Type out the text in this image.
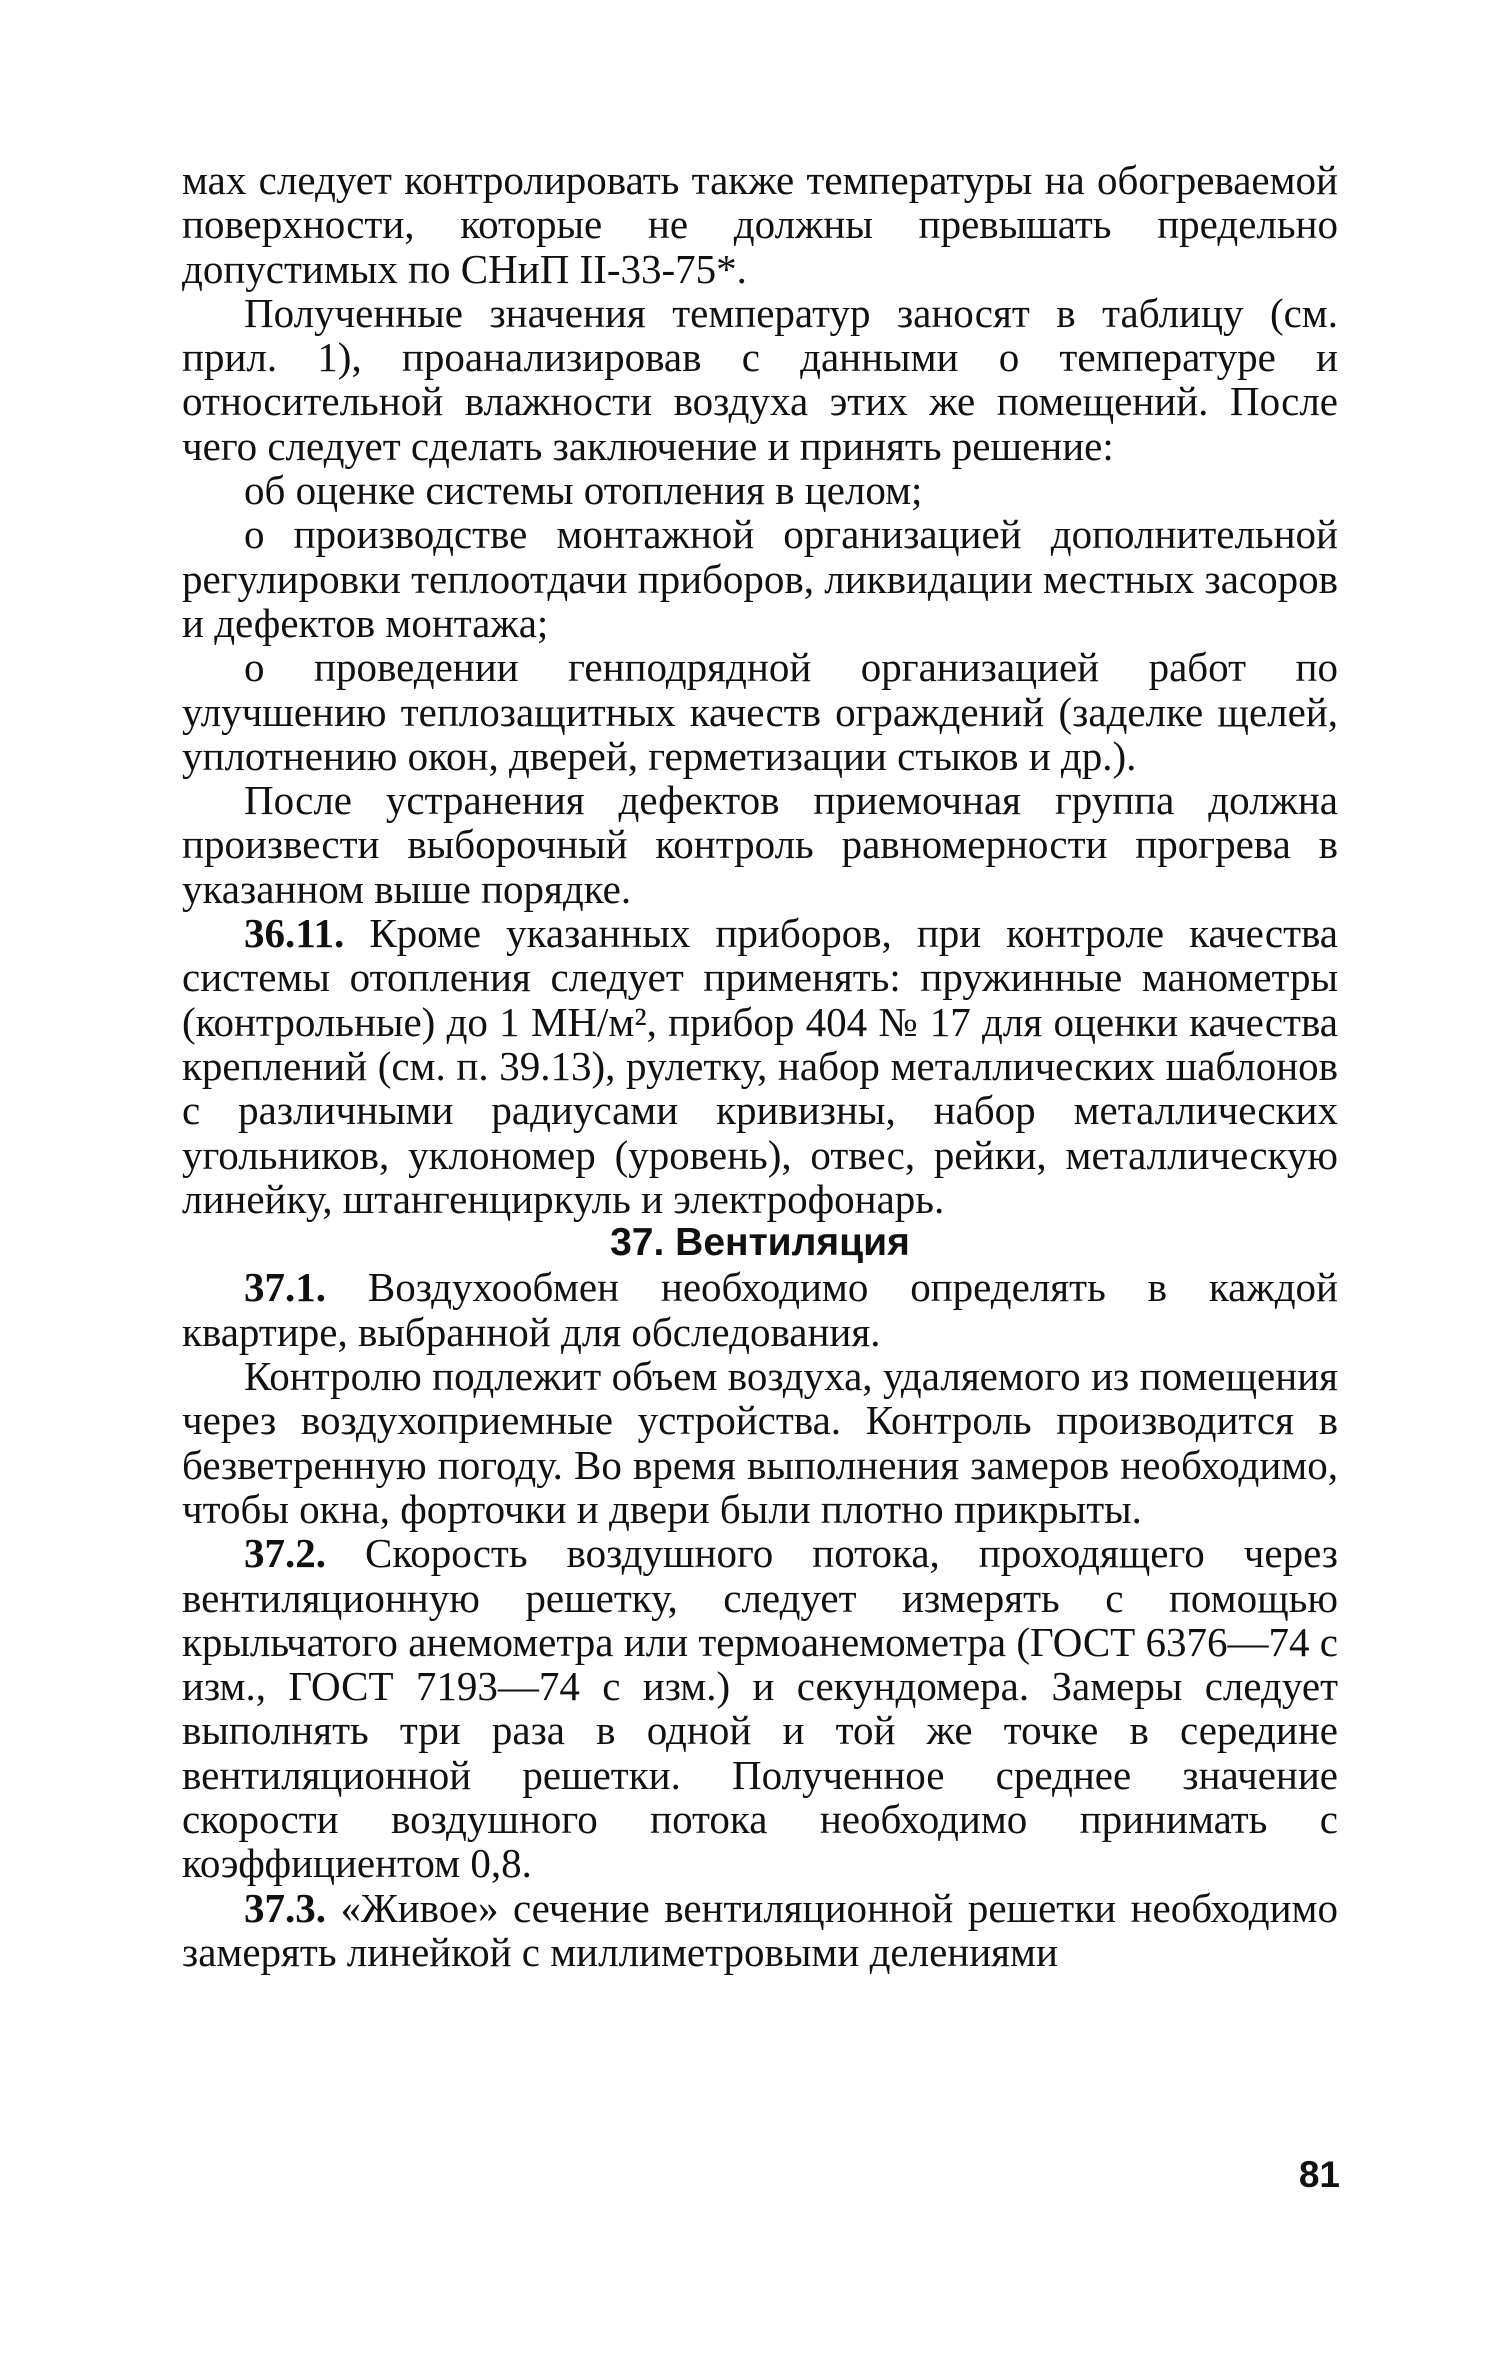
мах следует контролировать также температуры на обогреваемой поверхности, которые не должны превышать предельно допустимых по СНиП II-33-75*.

Полученные значения температур заносят в таблицу (см. прил. 1), проанализировав с данными о температуре и относительной влажности воздуха этих же помещений. После чего следует сделать заключение и принять решение:

об оценке системы отопления в целом;

о производстве монтажной организацией дополнительной регулировки теплоотдачи приборов, ликвидации местных засоров и дефектов монтажа;

о проведении генподрядной организацией работ по улучшению теплозащитных качеств ограждений (заделке щелей, уплотнению окон, дверей, герметизации стыков и др.).

После устранения дефектов приемочная группа должна произвести выборочный контроль равномерности прогрева в указанном выше порядке.

36.11. Кроме указанных приборов, при контроле качества системы отопления следует применять: пружинные манометры (контрольные) до 1 МН/м², прибор 404 № 17 для оценки качества креплений (см. п. 39.13), рулетку, набор металлических шаблонов с различными радиусами кривизны, набор металлических угольников, уклономер (уровень), отвес, рейки, металлическую линейку, штангенциркуль и электрофонарь.

37. Вентиляция

37.1. Воздухообмен необходимо определять в каждой квартире, выбранной для обследования.

Контролю подлежит объем воздуха, удаляемого из помещения через воздухоприемные устройства. Контроль производится в безветренную погоду. Во время выполнения замеров необходимо, чтобы окна, форточки и двери были плотно прикрыты.

37.2. Скорость воздушного потока, проходящего через вентиляционную решетку, следует измерять с помощью крыльчатого анемометра или термоанемометра (ГОСТ 6376—74 с изм., ГОСТ 7193—74 с изм.) и секундомера. Замеры следует выполнять три раза в одной и той же точке в середине вентиляционной решетки. Полученное среднее значение скорости воздушного потока необходимо принимать с коэффициентом 0,8.

37.3. «Живое» сечение вентиляционной решетки необходимо замерять линейкой с миллиметровыми делениями

81
